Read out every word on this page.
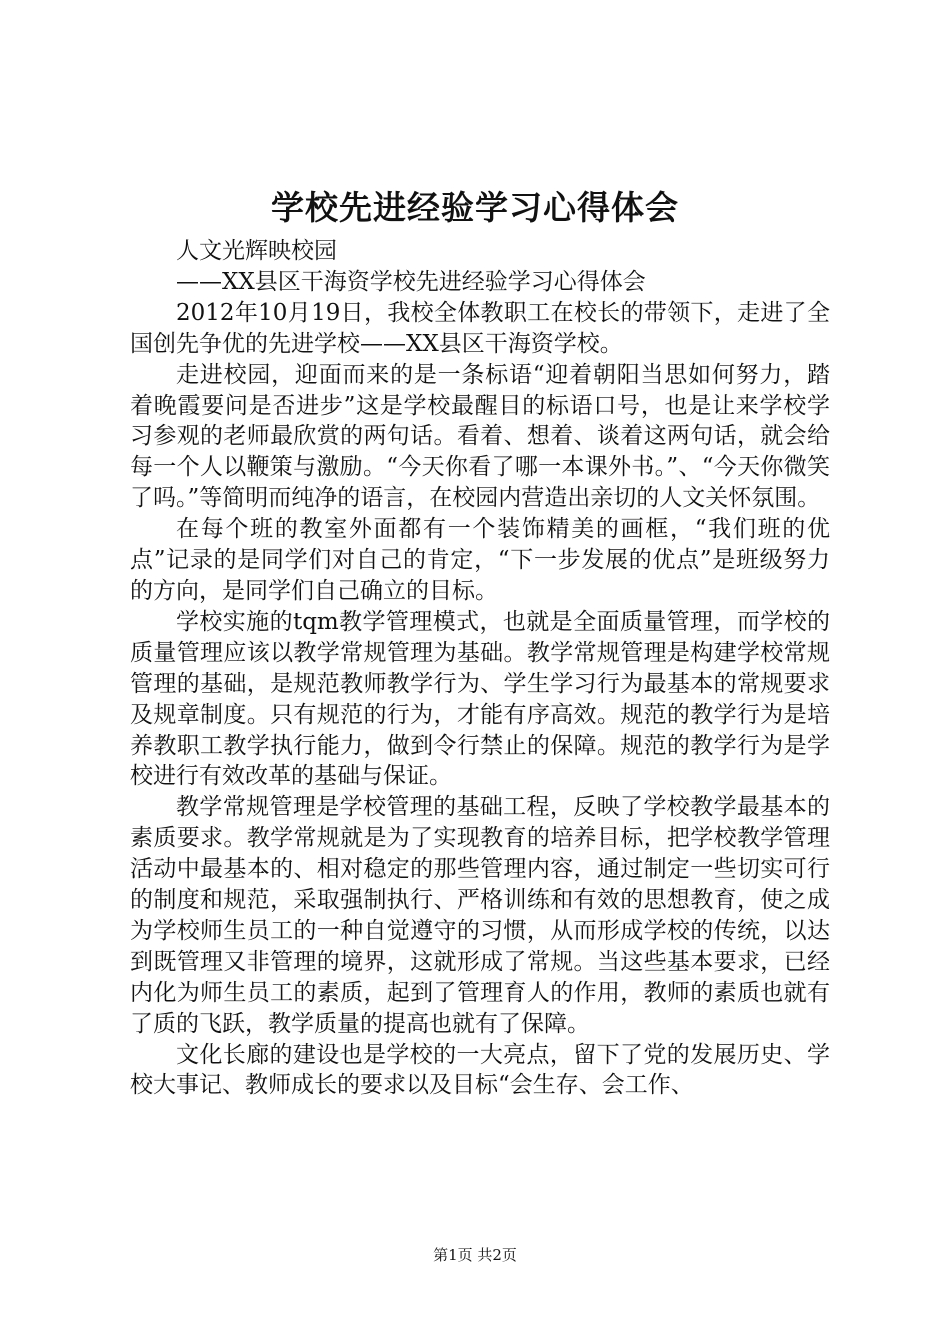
学校先进经验学习心得体会

人文光辉映校园

——XX县区干海资学校先进经验学习心得体会

2012年10月19日，我校全体教职工在校长的带领下，走进了全国创先争优的先进学校——XX县区干海资学校。

走进校园，迎面而来的是一条标语“迎着朝阳当思如何努力，踏着晚霞要问是否进步”这是学校最醒目的标语口号，也是让来学校学习参观的老师最欣赏的两句话。看着、想着、谈着这两句话，就会给每一个人以鞭策与激励。“今天你看了哪一本课外书。”、“今天你微笑了吗。”等简明而纯净的语言，在校园内营造出亲切的人文关怀氛围。

在每个班的教室外面都有一个装饰精美的画框，“我们班的优点”记录的是同学们对自己的肯定，“下一步发展的优点”是班级努力的方向，是同学们自己确立的目标。

学校实施的tqm教学管理模式，也就是全面质量管理，而学校的质量管理应该以教学常规管理为基础。教学常规管理是构建学校常规管理的基础，是规范教师教学行为、学生学习行为最基本的常规要求及规章制度。只有规范的行为，才能有序高效。规范的教学行为是培养教职工教学执行能力，做到令行禁止的保障。规范的教学行为是学校进行有效改革的基础与保证。

教学常规管理是学校管理的基础工程，反映了学校教学最基本的素质要求。教学常规就是为了实现教育的培养目标，把学校教学管理活动中最基本的、相对稳定的那些管理内容，通过制定一些切实可行的制度和规范，采取强制执行、严格训练和有效的思想教育，使之成为学校师生员工的一种自觉遵守的习惯，从而形成学校的传统，以达到既管理又非管理的境界，这就形成了常规。当这些基本要求，已经内化为师生员工的素质，起到了管理育人的作用，教师的素质也就有了质的飞跃，教学质量的提高也就有了保障。

文化长廊的建设也是学校的一大亮点，留下了党的发展历史、学校大事记、教师成长的要求以及目标“会生存、会工作、

第1页 共2页
